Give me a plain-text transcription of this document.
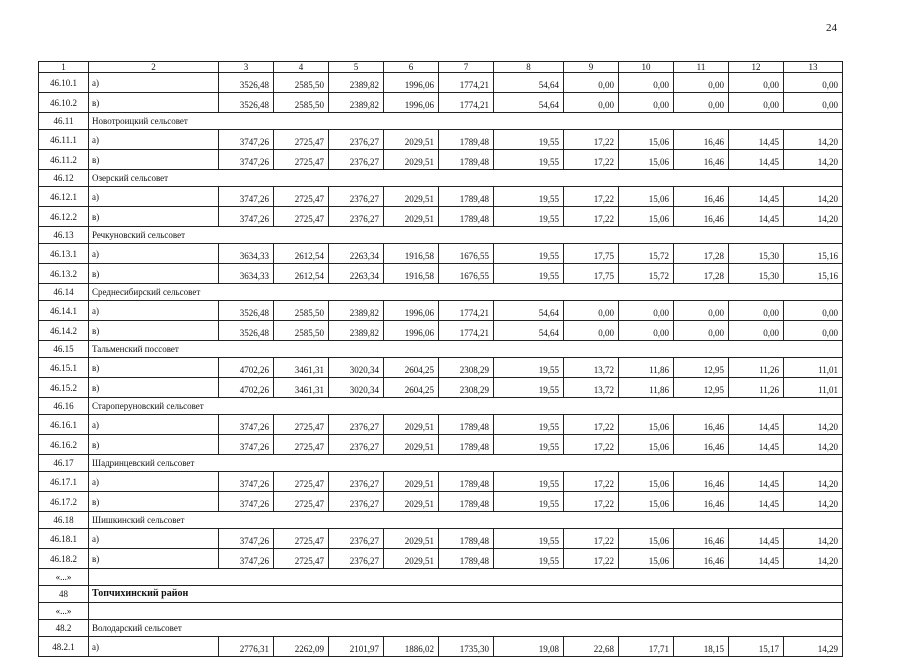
24
1	2	3	4	5	6	7	8	9	10	11	12	13
46.10.1	а)	3526,48	2585,50	2389,82	1996,06	1774,21	54,64	0,00	0,00	0,00	0,00	0,00
46.10.2	в)	3526,48	2585,50	2389,82	1996,06	1774,21	54,64	0,00	0,00	0,00	0,00	0,00
46.11	Новотроицкий сельсовет											
46.11.1	а)	3747,26	2725,47	2376,27	2029,51	1789,48	19,55	17,22	15,06	16,46	14,45	14,20
46.11.2	в)	3747,26	2725,47	2376,27	2029,51	1789,48	19,55	17,22	15,06	16,46	14,45	14,20
46.12	Озерский сельсовет											
46.12.1	а)	3747,26	2725,47	2376,27	2029,51	1789,48	19,55	17,22	15,06	16,46	14,45	14,20
46.12.2	в)	3747,26	2725,47	2376,27	2029,51	1789,48	19,55	17,22	15,06	16,46	14,45	14,20
46.13	Речкуновский сельсовет											
46.13.1	а)	3634,33	2612,54	2263,34	1916,58	1676,55	19,55	17,75	15,72	17,28	15,30	15,16
46.13.2	в)	3634,33	2612,54	2263,34	1916,58	1676,55	19,55	17,75	15,72	17,28	15,30	15,16
46.14	Среднесибирский сельсовет											
46.14.1	а)	3526,48	2585,50	2389,82	1996,06	1774,21	54,64	0,00	0,00	0,00	0,00	0,00
46.14.2	в)	3526,48	2585,50	2389,82	1996,06	1774,21	54,64	0,00	0,00	0,00	0,00	0,00
46.15	Тальменский поссовет											
46.15.1	в)	4702,26	3461,31	3020,34	2604,25	2308,29	19,55	13,72	11,86	12,95	11,26	11,01
46.15.2	в)	4702,26	3461,31	3020,34	2604,25	2308,29	19,55	13,72	11,86	12,95	11,26	11,01
46.16	Староперуновский сельсовет											
46.16.1	а)	3747,26	2725,47	2376,27	2029,51	1789,48	19,55	17,22	15,06	16,46	14,45	14,20
46.16.2	в)	3747,26	2725,47	2376,27	2029,51	1789,48	19,55	17,22	15,06	16,46	14,45	14,20
46.17	Шадринцевский сельсовет											
46.17.1	а)	3747,26	2725,47	2376,27	2029,51	1789,48	19,55	17,22	15,06	16,46	14,45	14,20
46.17.2	в)	3747,26	2725,47	2376,27	2029,51	1789,48	19,55	17,22	15,06	16,46	14,45	14,20
46.18	Шишкинский сельсовет											
46.18.1	а)	3747,26	2725,47	2376,27	2029,51	1789,48	19,55	17,22	15,06	16,46	14,45	14,20
46.18.2	в)	3747,26	2725,47	2376,27	2029,51	1789,48	19,55	17,22	15,06	16,46	14,45	14,20
«...»												
48	Топчихинский район											
«...»												
48.2	Володарский сельсовет											
48.2.1	а)	2776,31	2262,09	2101,97	1886,02	1735,30	19,08	22,68	17,71	18,15	15,17	14,29
